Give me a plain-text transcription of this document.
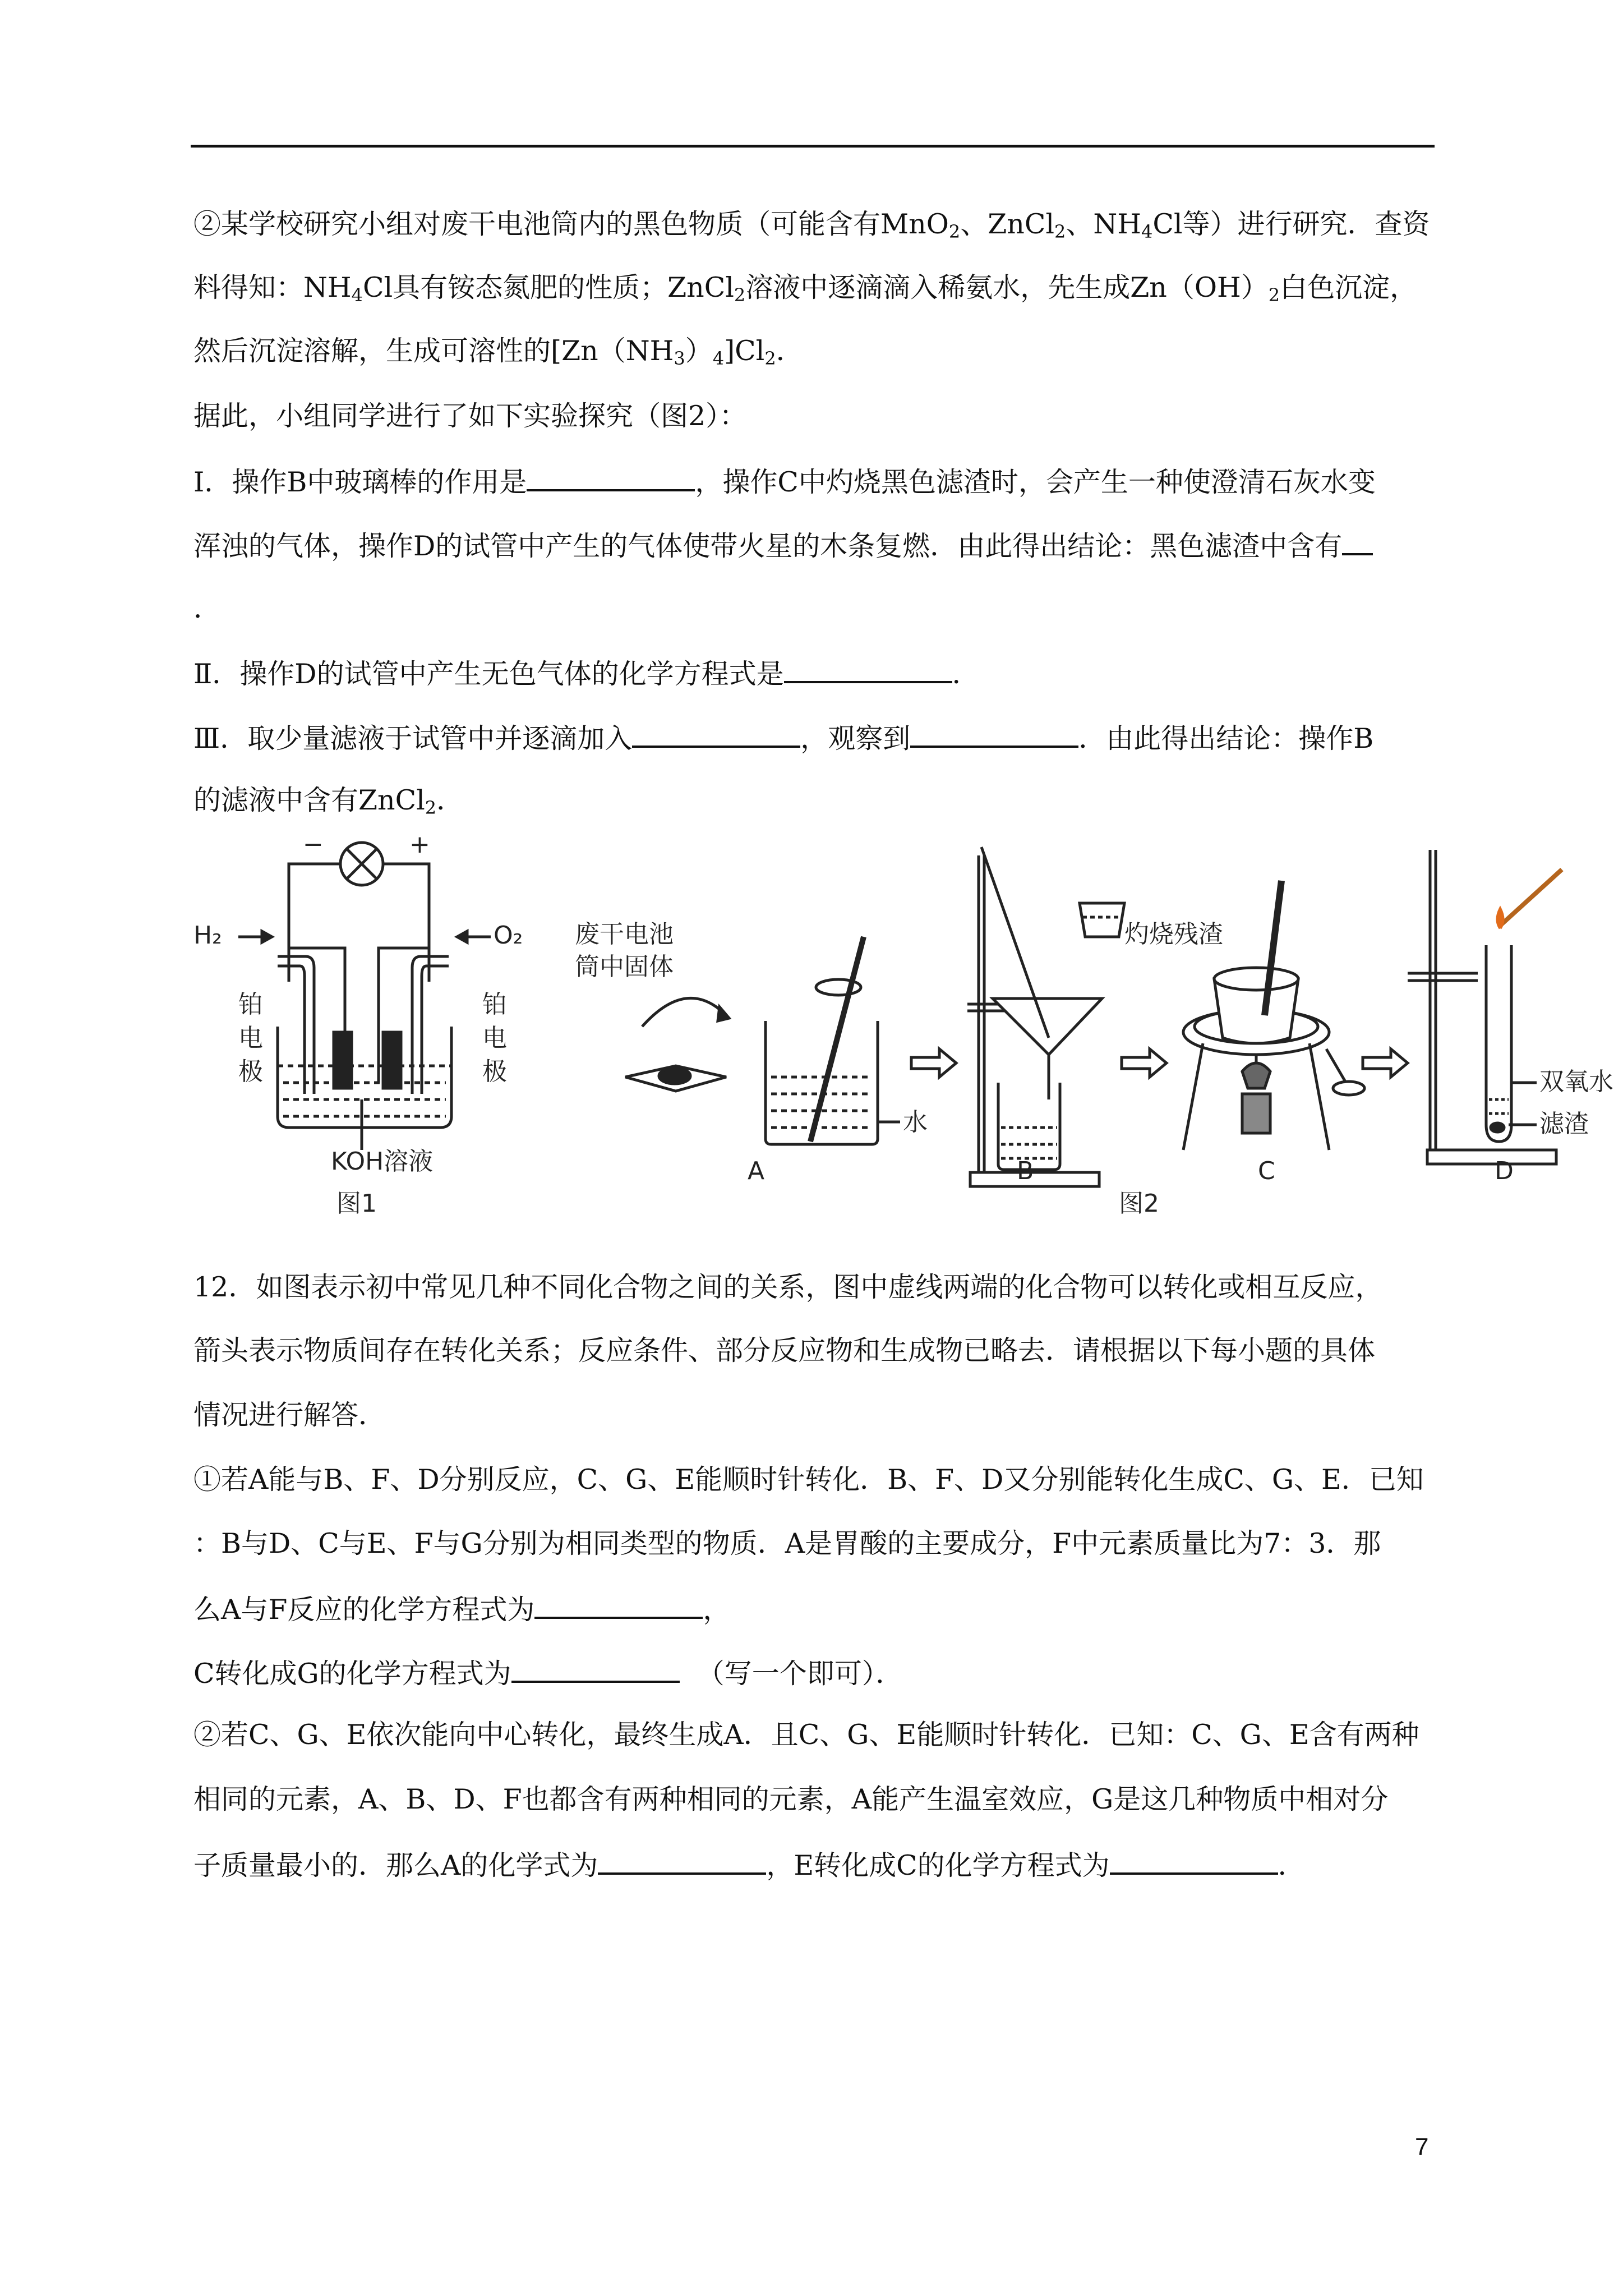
②某学校研究小组对废干电池筒内的黑色物质（可能含有MnO$_2$、ZnCl$_2$、$NH_4Cl$等）进行研究．查资
料得知：$NH_4Cl$具有铵态氮肥的性质；ZnCl$_2$溶液中逐滴滴入稀氨水，先生成$Zn(OH)_2$白色沉淀，
然后沉淀溶解，生成可溶性的$[Zn(NH_3)_4]Cl_2$．
据此，小组同学进行了如下实验探究（图2）：
Ⅰ．操作B中玻璃棒的作用是	，操作C中灼烧黑色滤渣时，会产生一种使澄清石灰水变
浑浊的气体，操作D的试管中产生的气体使带火星的木条复燃．由此得出结论：黑色滤渣中含有
．
Ⅱ．操作D的试管中产生无色气体的化学方程式是	．
Ⅲ．取少量滤液于试管中并逐滴加入	，观察到	．由此得出结论：操作B
的滤液中含有ZnCl$_2$．
−	+
H₂	O₂
铂
电
极
铂
电
极
KOH溶液
图1
废干电池
筒中固体
水
灼烧残渣
图2
双氧水
滤渣
A	B	C	D
12．如图表示初中常见几种不同化合物之间的关系，图中虚线两端的化合物可以转化或相互反应，
箭头表示物质间存在转化关系；反应条件、部分反应物和生成物已略去．请根据以下每小题的具体
情况进行解答．
①若A能与B、F、D分别反应，C、G、E能顺时针转化．B、F、D又分别能转化生成C、G、E．已知
：B与D、C与E、F与G分别为相同类型的物质．A是胃酸的主要成分，F中元素质量比为7：3．那
么A与F反应的化学方程式为	，
C转化成G的化学方程式为	（写一个即可）．
②若C、G、E依次能向中心转化，最终生成A．且C、G、E能顺时针转化．已知：C、G、E含有两种
相同的元素，A、B、D、F也都含有两种相同的元素，A能产生温室效应，G是这几种物质中相对分
子质量最小的．那么A的化学式为	，E转化成C的化学方程式为	．
7
